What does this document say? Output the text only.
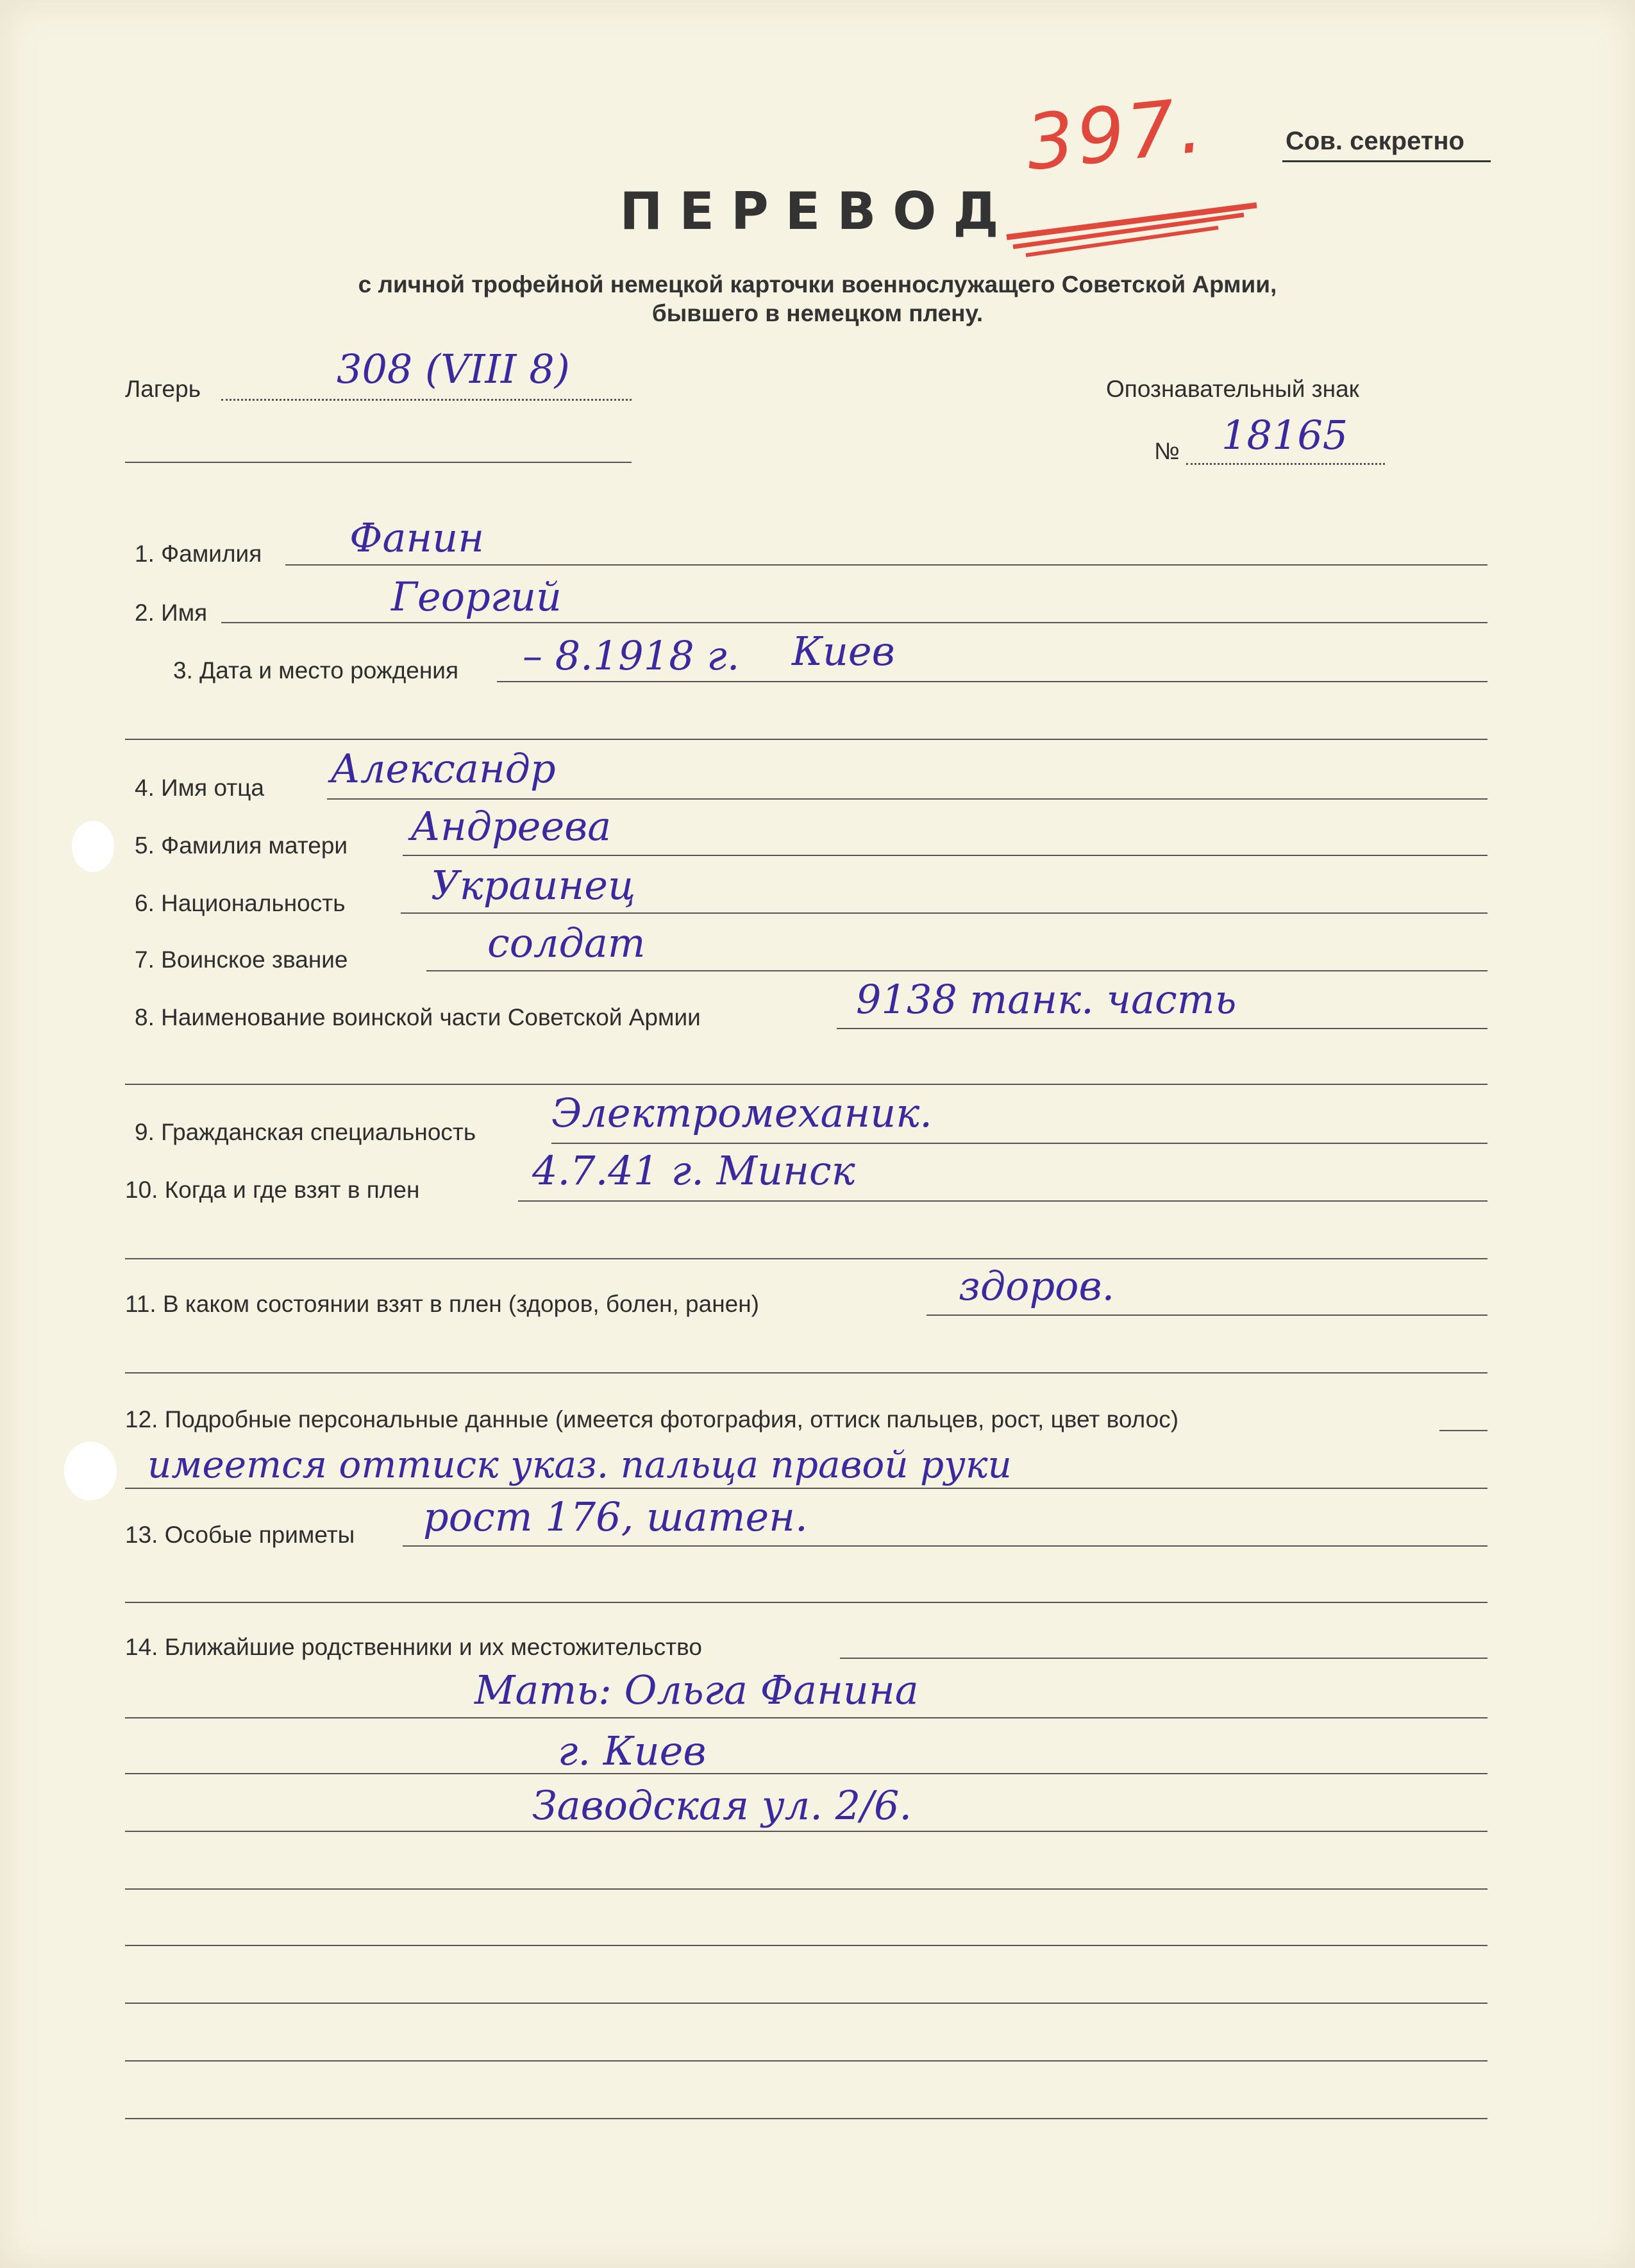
397.	Сов. секретно
ПЕРЕВОД
с личной трофейной немецкой карточки военнослужащего Советской Армии,
бывшего в немецком плену.
Лагерь	308 (VIII 8)	Опознавательный знак
№ 18165
1. Фамилия Фанин
2. Имя	Георгий
3. Дата и место рождения – 8.1918 г. Киев
4. Имя отца Александр
5. Фамилия матери Андреева
6. Национальность Украинец
7. Воинское звание	солдат
8. Наименование воинской части Советской Армии	9138 танк. часть
9. Гражданская специальность Электромеханик.
10. Когда и где взят в плен	4.7.41 г. Минск
11. В каком состоянии взят в плен (здоров, болен, ранен)	здоров.
12. Подробные персональные данные (имеется фотография, оттиск пальцев, рост, цвет волос)
имеется оттиск указ. пальца правой руки
13. Особые приметы рост 176, шатен.
14. Ближайшие родственники и их местожительство
Мать: Ольга Фанина
г. Киев
Заводская ул. 2/6.
